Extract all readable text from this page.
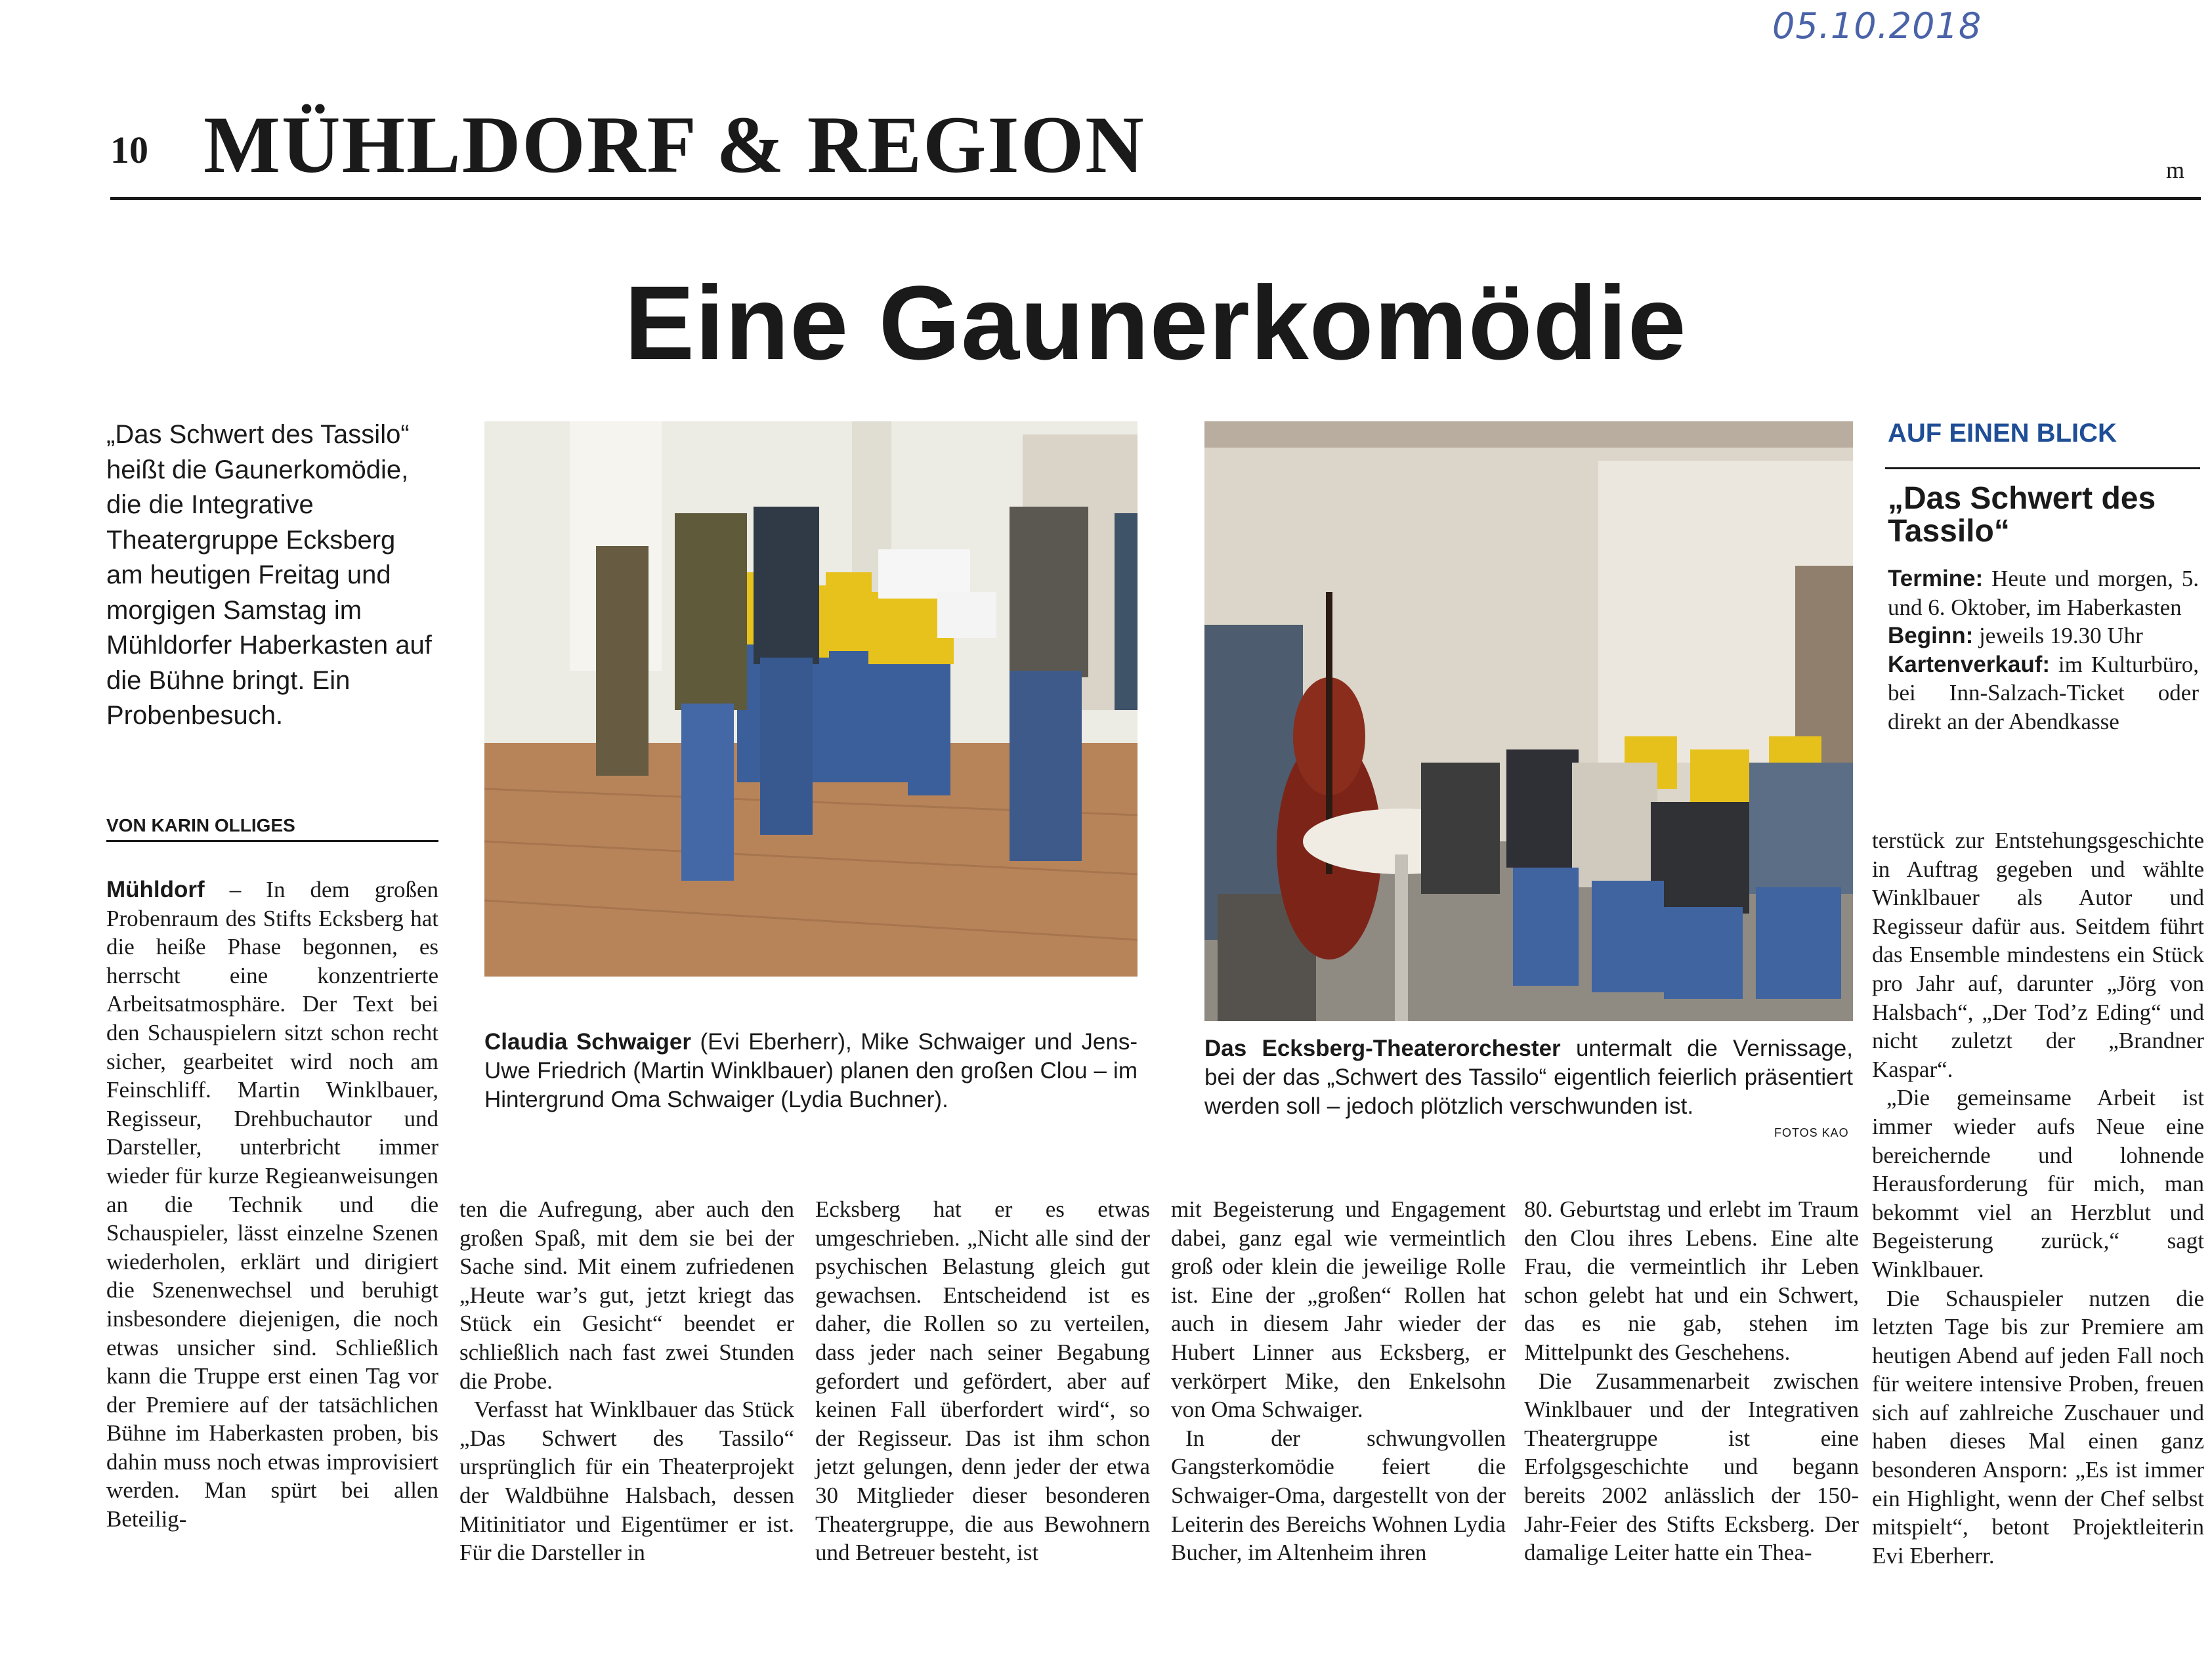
05.10.2018
10 MÜHLDORF & REGION	m
Eine Gaunerkomödie
„Das Schwert des Tassilo“ heißt die Gaunerkomödie, die die Integrative Theatergruppe Ecksberg am heutigen Freitag und morgigen Samstag im Mühldorfer Haberkasten auf die Bühne bringt. Ein Probenbesuch.
VON KARIN OLLIGES

Mühldorf – In dem großen Probenraum des Stifts Ecksberg hat die heiße Phase begonnen, es herrscht eine konzentrierte Arbeitsatmosphäre. Der Text bei den Schauspielern sitzt schon recht sicher, gearbeitet wird noch am Feinschliff. Martin Winklbauer, Regisseur, Drehbuchautor und Darsteller, unterbricht immer wieder für kurze Regieanweisungen an die Technik und die Schauspieler, lässt einzelne Szenen wiederholen, erklärt und dirigiert die Szenenwechsel und beruhigt insbesondere diejenigen, die noch etwas unsicher sind. Schließlich kann die Truppe erst einen Tag vor der Premiere auf der tatsächlichen Bühne im Haberkasten proben, bis dahin muss noch etwas improvisiert werden. Man spürt bei allen Beteilig-

ten die Aufregung, aber auch den großen Spaß, mit dem sie bei der Sache sind. Mit einem zufriedenen „Heute war’s gut, jetzt kriegt das Stück ein Gesicht“ beendet er schließlich nach fast zwei Stunden die Probe.

Verfasst hat Winklbauer das Stück „Das Schwert des Tassilo“ ursprünglich für ein Theaterprojekt der Waldbühne Halsbach, dessen Mitinitiator und Eigentümer er ist. Für die Darsteller in

Ecksberg hat er es etwas umgeschrieben. „Nicht alle sind der psychischen Belastung gleich gut gewachsen. Entscheidend ist es daher, die Rollen so zu verteilen, dass jeder nach seiner Begabung gefordert und gefördert, aber auf keinen Fall überfordert wird“, so der Regisseur. Das ist ihm schon jetzt gelungen, denn jeder der etwa 30 Mitglieder dieser besonderen Theatergruppe, die aus Bewohnern und Betreuer besteht, ist

mit Begeisterung und Engagement dabei, ganz egal wie vermeintlich groß oder klein die jeweilige Rolle ist. Eine der „großen“ Rollen hat auch in diesem Jahr wieder der Hubert Linner aus Ecksberg, er verkörpert Mike, den Enkelsohn von Oma Schwaiger.

In der schwungvollen Gangsterkomödie feiert die Schwaiger-Oma, dargestellt von der Leiterin des Bereichs Wohnen Lydia Bucher, im Altenheim ihren

80. Geburtstag und erlebt im Traum den Clou ihres Lebens. Eine alte Frau, die vermeintlich ihr Leben schon gelebt hat und ein Schwert, das es nie gab, stehen im Mittelpunkt des Geschehens.

Die Zusammenarbeit zwischen Winklbauer und der Integrativen Theatergruppe ist eine Erfolgsgeschichte und begann bereits 2002 anlässlich der 150-Jahr-Feier des Stifts Ecksberg. Der damalige Leiter hatte ein Thea-

terstück zur Entstehungsgeschichte in Auftrag gegeben und wählte Winklbauer als Autor und Regisseur dafür aus. Seitdem führt das Ensemble mindestens ein Stück pro Jahr auf, darunter „Jörg von Halsbach“, „Der Tod’z Eding“ und nicht zuletzt der „Brandner Kaspar“.

„Die gemeinsame Arbeit ist immer wieder aufs Neue eine bereichernde und lohnende Herausforderung für mich, man bekommt viel an Herzblut und Begeisterung zurück,“ sagt Winklbauer.

Die Schauspieler nutzen die letzten Tage bis zur Premiere am heutigen Abend auf jeden Fall noch für weitere intensive Proben, freuen sich auf zahlreiche Zuschauer und haben dieses Mal einen ganz besonderen Ansporn: „Es ist immer ein Highlight, wenn der Chef selbst mitspielt“, betont Projektleiterin Evi Eberherr.

Claudia Schwaiger (Evi Eberherr), Mike Schwaiger und Jens-Uwe Friedrich (Martin Winklbauer) planen den großen Clou – im Hintergrund Oma Schwaiger (Lydia Buchner).
Das Ecksberg-Theaterorchester untermalt die Vernissage, bei der das „Schwert des Tassilo“ eigentlich feierlich präsentiert werden soll – jedoch plötzlich verschwunden ist.
FOTOS KAO
AUF EINEN BLICK
„Das Schwert des Tassilo“

Termine: Heute und morgen, 5. und 6. Oktober, im Haberkasten

Beginn: jeweils 19.30 Uhr

Kartenverkauf: im Kulturbüro, bei Inn-Salzach-Ticket oder direkt an der Abendkasse
